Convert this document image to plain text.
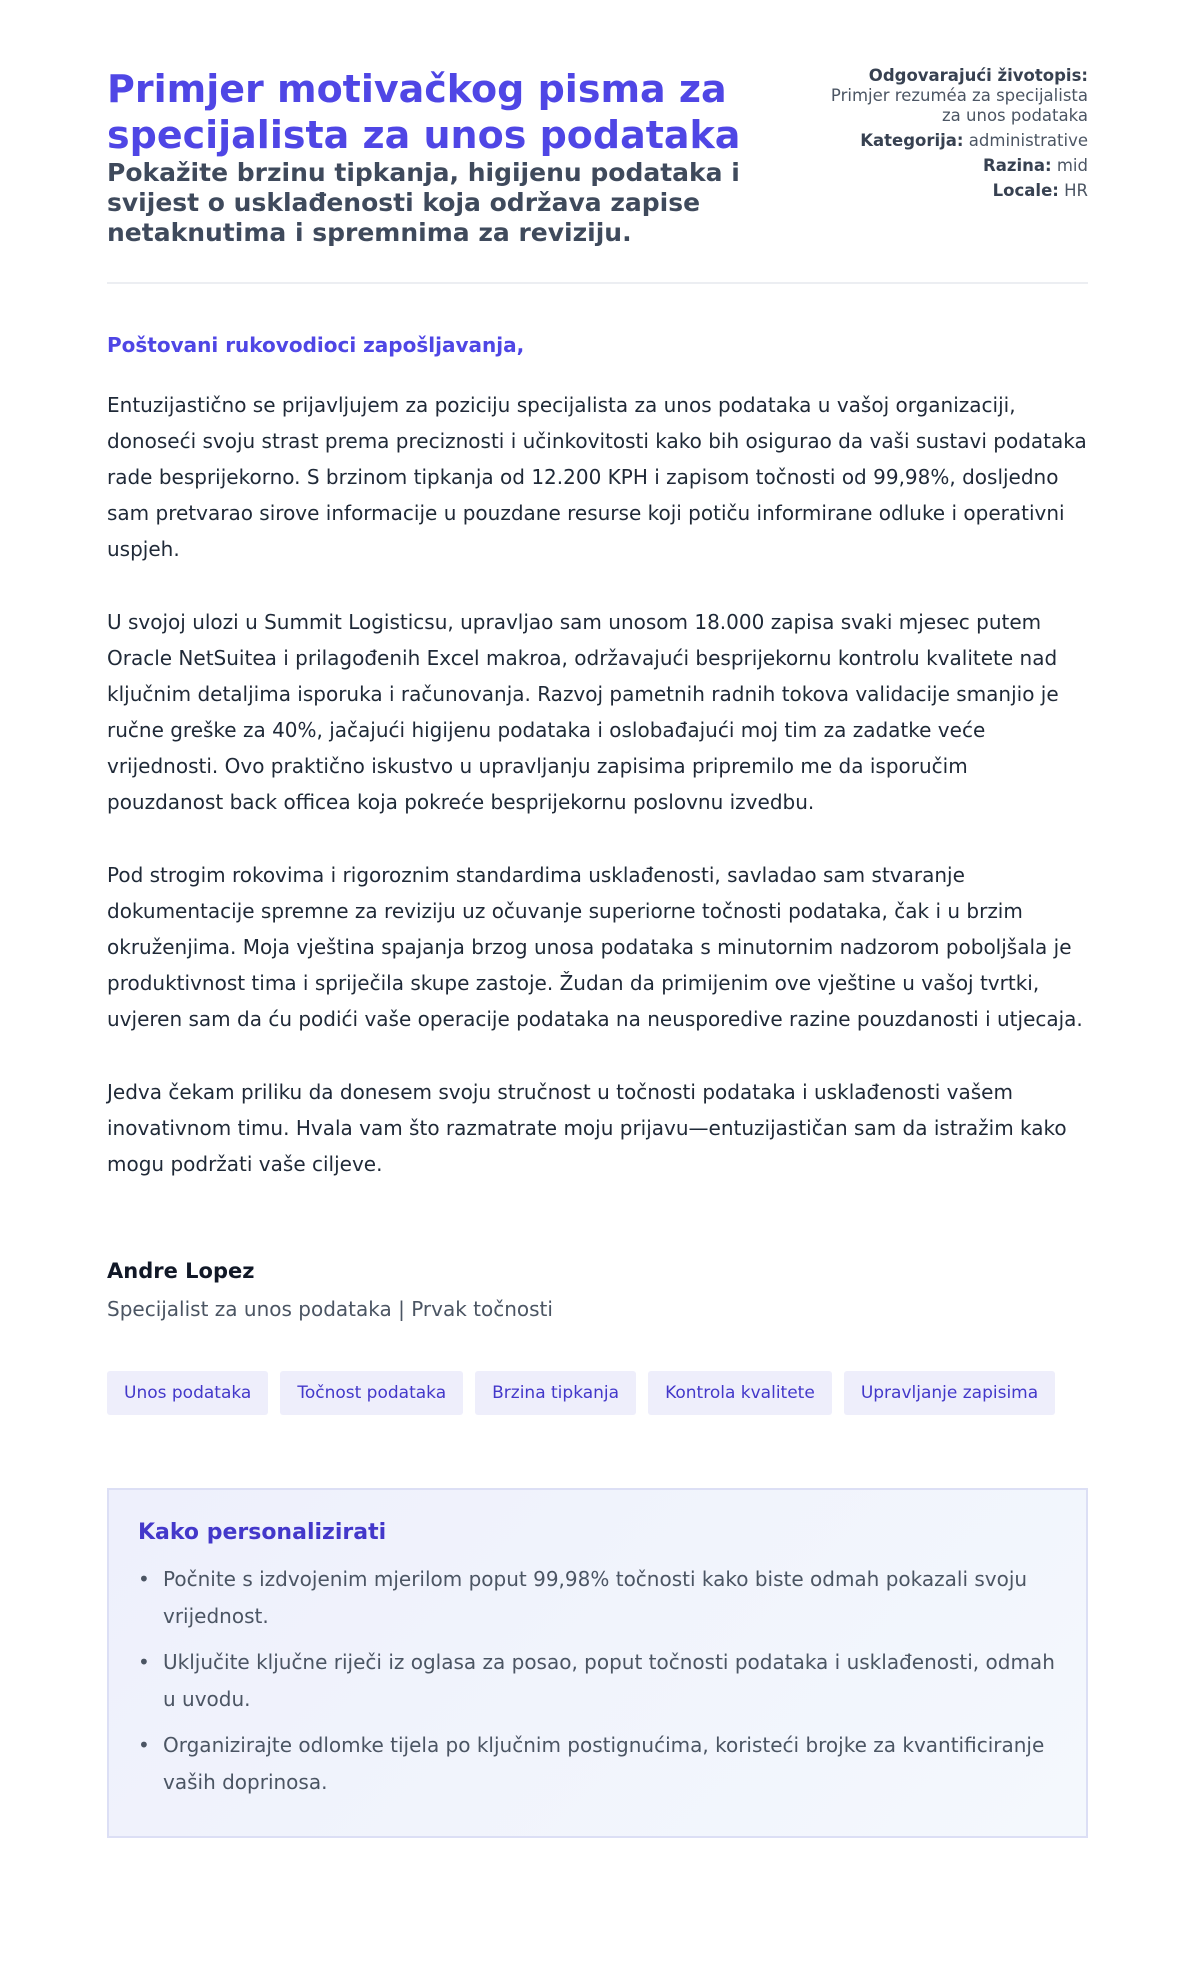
Primjer motivačkog pisma za specijalista za unos podataka
Pokažite brzinu tipkanja, higijenu podataka i svijest o usklađenosti koja održava zapise netaknutima i spremnima za reviziju.
Odgovarajući životopis:
Primjer rezuméa za specijalista za unos podataka
Kategorija: administrative
Razina: mid
Locale: HR
Poštovani rukovodioci zapošljavanja,

Entuzijastično se prijavljujem za poziciju specijalista za unos podataka u vašoj organizaciji, donoseći svoju strast prema preciznosti i učinkovitosti kako bih osigurao da vaši sustavi podataka rade besprijekorno. S brzinom tipkanja od 12.200 KPH i zapisom točnosti od 99,98%, dosljedno sam pretvarao sirove informacije u pouzdane resurse koji potiču informirane odluke i operativni uspjeh.

U svojoj ulozi u Summit Logisticsu, upravljao sam unosom 18.000 zapisa svaki mjesec putem Oracle NetSuitea i prilagođenih Excel makroa, održavajući besprijekornu kontrolu kvalitete nad ključnim detaljima isporuka i računovanja. Razvoj pametnih radnih tokova validacije smanjio je ručne greške za 40%, jačajući higijenu podataka i oslobađajući moj tim za zadatke veće vrijednosti. Ovo praktično iskustvo u upravljanju zapisima pripremilo me da isporučim pouzdanost back officea koja pokreće besprijekornu poslovnu izvedbu.

Pod strogim rokovima i rigoroznim standardima usklađenosti, savladao sam stvaranje dokumentacije spremne za reviziju uz očuvanje superiorne točnosti podataka, čak i u brzim okruženjima. Moja vještina spajanja brzog unosa podataka s minutornim nadzorom poboljšala je produktivnost tima i spriječila skupe zastoje. Žudan da primijenim ove vještine u vašoj tvrtki, uvjeren sam da ću podići vaše operacije podataka na neusporedive razine pouzdanosti i utjecaja.

Jedva čekam priliku da donesem svoju stručnost u točnosti podataka i usklađenosti vašem inovativnom timu. Hvala vam što razmatrate moju prijavu—entuzijastičan sam da istražim kako mogu podržati vaše ciljeve.

Andre Lopez
Specijalist za unos podataka | Prvak točnosti
Unos podataka	Točnost podataka	Brzina tipkanja	Kontrola kvalitete	Upravljanje zapisima
Kako personalizirati
• Počnite s izdvojenim mjerilom poput 99,98% točnosti kako biste odmah pokazali svoju vrijednost.
• Uključite ključne riječi iz oglasa za posao, poput točnosti podataka i usklađenosti, odmah u uvodu.
• Organizirajte odlomke tijela po ključnim postignućima, koristeći brojke za kvantificiranje vaših doprinosa.
